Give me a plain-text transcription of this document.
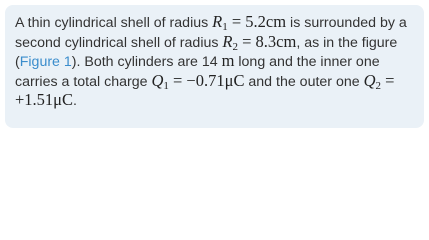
A thin cylindrical shell of radius $R_1 = 5.2cm$ is surrounded by a second cylindrical shell of radius $R_2 = 8.3cm$, as in the figure (Figure 1). Both cylinders are 14 m long and the inner one carries a total charge $Q_1 = -0.71\mu C$ and the outer one $Q_2 = +1.51\mu C$.
